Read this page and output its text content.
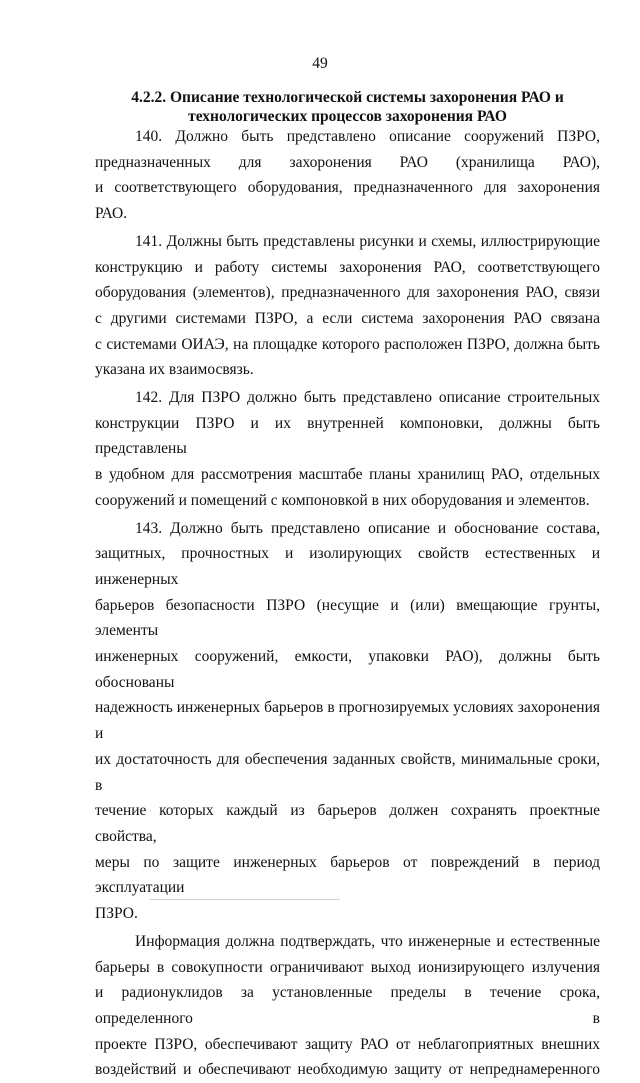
49
4.2.2. Описание технологической системы захоронения РАО и
технологических процессов захоронения РАО
140. Должно быть представлено описание сооружений ПЗРО,
предназначенных для захоронения РАО (хранилища РАО),
и соответствующего оборудования, предназначенного для захоронения РАО.
141. Должны быть представлены рисунки и схемы, иллюстрирующие
конструкцию и работу системы захоронения РАО, соответствующего
оборудования (элементов), предназначенного для захоронения РАО, связи
с другими системами ПЗРО, а если система захоронения РАО связана
с системами ОИАЭ, на площадке которого расположен ПЗРО, должна быть
указана их взаимосвязь.
142. Для ПЗРО должно быть представлено описание строительных
конструкции ПЗРО и их внутренней компоновки, должны быть представлены
в удобном для рассмотрения масштабе планы хранилищ РАО, отдельных
сооружений и помещений с компоновкой в них оборудования и элементов.
143. Должно быть представлено описание и обоснование состава,
защитных, прочностных и изолирующих свойств естественных и инженерных
барьеров безопасности ПЗРО (несущие и (или) вмещающие грунты, элементы
инженерных сооружений, емкости, упаковки РАО), должны быть обоснованы
надежность инженерных барьеров в прогнозируемых условиях захоронения и
их достаточность для обеспечения заданных свойств, минимальные сроки, в
течение которых каждый из барьеров должен сохранять проектные свойства,
меры по защите инженерных барьеров от повреждений в период эксплуатации
ПЗРО.
Информация должна подтверждать, что инженерные и естественные
барьеры в совокупности ограничивают выход ионизирующего излучения
и радионуклидов за установленные пределы в течение срока, определенного в
проекте ПЗРО, обеспечивают защиту РАО от неблагоприятных внешних
воздействий и обеспечивают необходимую защиту от непреднамеренного
